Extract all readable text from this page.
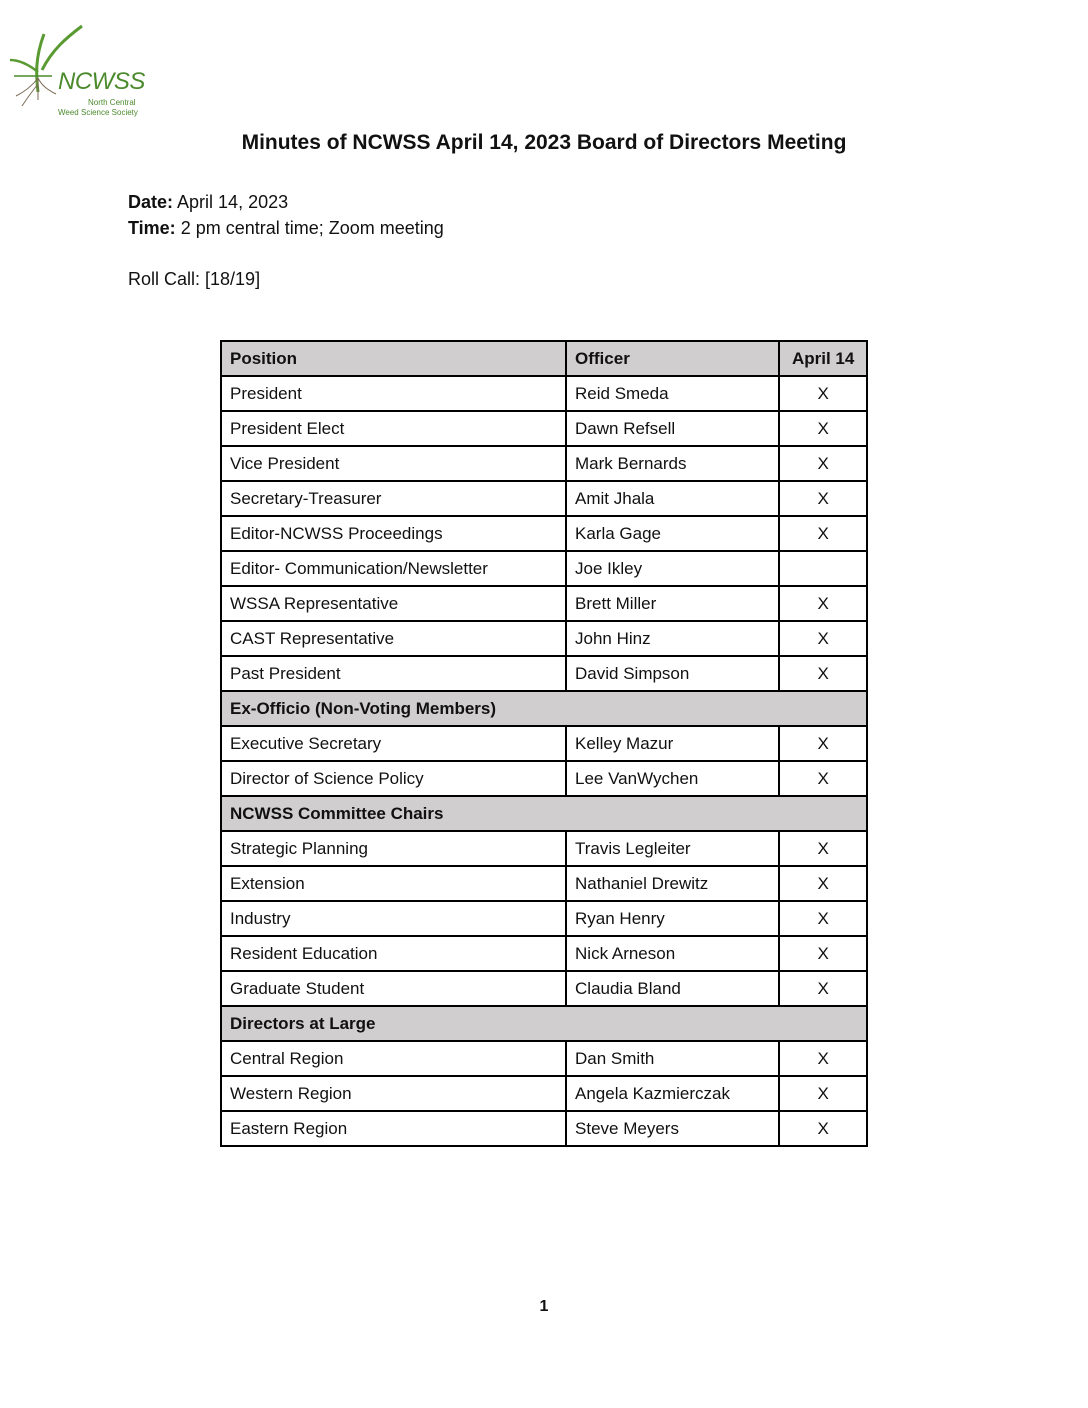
NCWSS
North Central
Weed Science Society
Minutes of NCWSS April 14, 2023 Board of Directors Meeting
Date: April 14, 2023
Time: 2 pm central time; Zoom meeting
Roll Call: [18/19]
Position	Officer	April 14
President	Reid Smeda	X
President Elect	Dawn Refsell	X
Vice President	Mark Bernards	X
Secretary-Treasurer	Amit Jhala	X
Editor-NCWSS Proceedings	Karla Gage	X
Editor- Communication/Newsletter	Joe Ikley	
WSSA Representative	Brett Miller	X
CAST Representative	John Hinz	X
Past President	David Simpson	X
Ex-Officio (Non-Voting Members)		
Executive Secretary	Kelley Mazur	X
Director of Science Policy	Lee VanWychen	X
NCWSS Committee Chairs		
Strategic Planning	Travis Legleiter	X
Extension	Nathaniel Drewitz	X
Industry	Ryan Henry	X
Resident Education	Nick Arneson	X
Graduate Student	Claudia Bland	X
Directors at Large		
Central Region	Dan Smith	X
Western Region	Angela Kazmierczak	X
Eastern Region	Steve Meyers	X
1
